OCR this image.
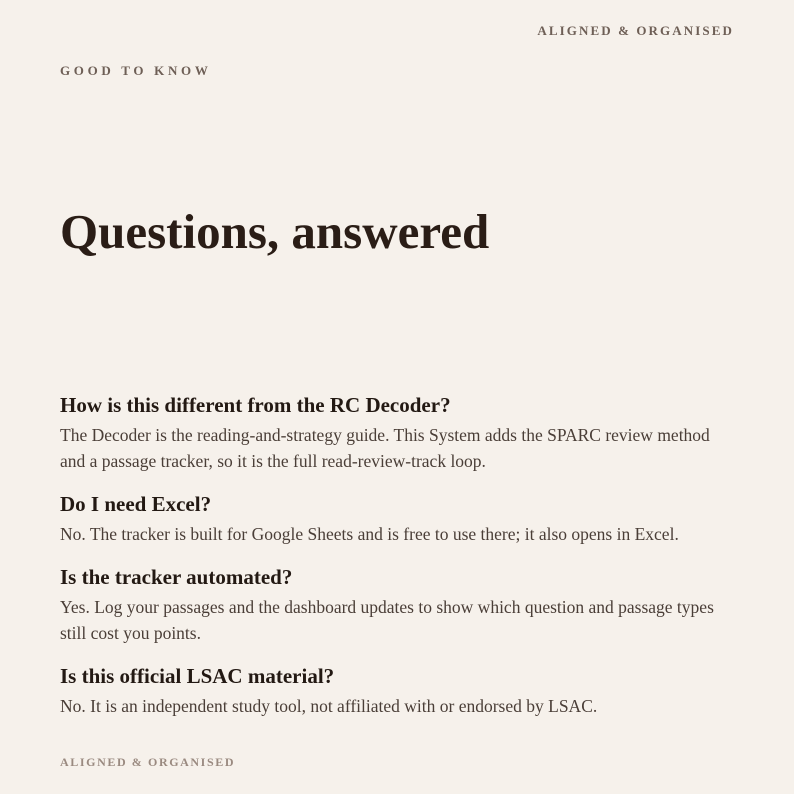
ALIGNED & ORGANISED
GOOD TO KNOW
Questions, answered
How is this different from the RC Decoder?

The Decoder is the reading-and-strategy guide. This System adds the SPARC review method and a passage tracker, so it is the full read-review-track loop.

Do I need Excel?

No. The tracker is built for Google Sheets and is free to use there; it also opens in Excel.

Is the tracker automated?

Yes. Log your passages and the dashboard updates to show which question and passage types still cost you points.

Is this official LSAC material?

No. It is an independent study tool, not affiliated with or endorsed by LSAC.

ALIGNED & ORGANISED
